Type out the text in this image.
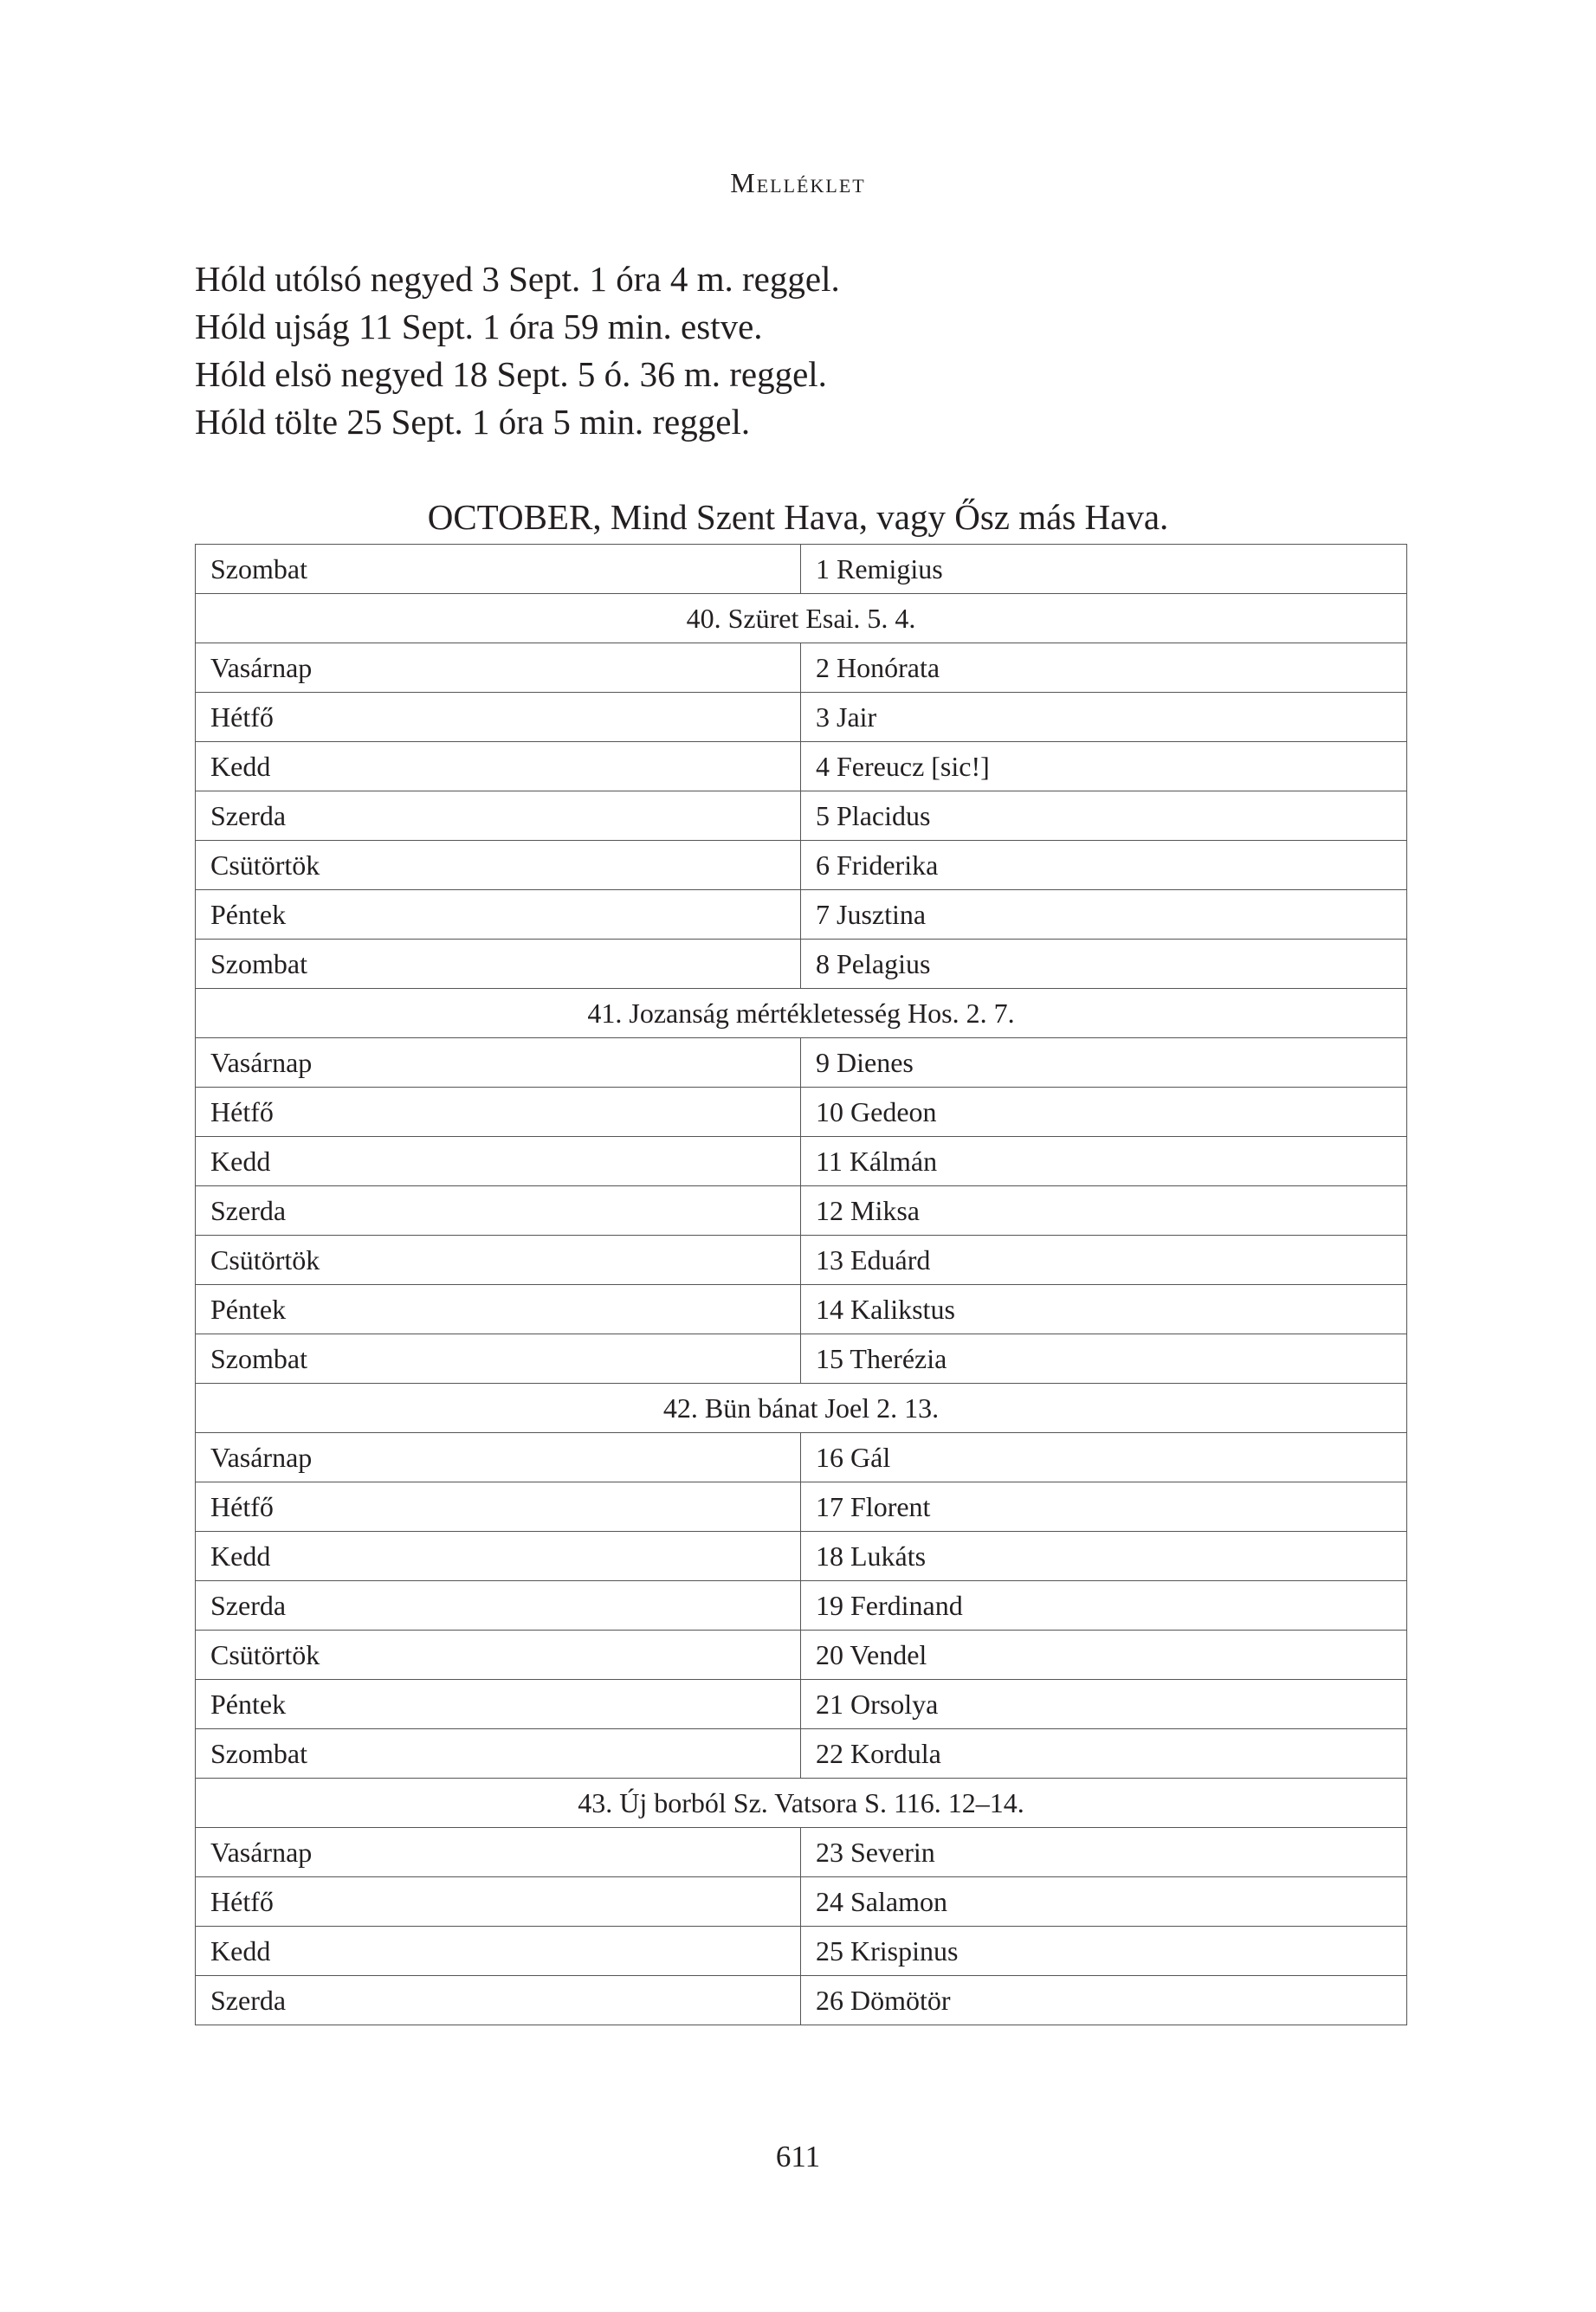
Melléklet
Hóld utólsó negyed 3 Sept. 1 óra 4 m. reggel.
Hóld ujság 11 Sept. 1 óra 59 min. estve.
Hóld elsö negyed 18 Sept. 5 ó. 36 m. reggel.
Hóld tölte 25 Sept. 1 óra 5 min. reggel.
OCTOBER, Mind Szent Hava, vagy Ősz más Hava.
Szombat	1 Remigius
40. Szüret Esai. 5. 4.	
Vasárnap	2 Honórata
Hétfő	3 Jair
Kedd	4 Fereucz [sic!]
Szerda	5 Placidus
Csütörtök	6 Friderika
Péntek	7 Jusztina
Szombat	8 Pelagius
41. Jozanság mértékletesség Hos. 2. 7.	
Vasárnap	9 Dienes
Hétfő	10 Gedeon
Kedd	11 Kálmán
Szerda	12 Miksa
Csütörtök	13 Eduárd
Péntek	14 Kalikstus
Szombat	15 Therézia
42. Bün bánat Joel 2. 13.	
Vasárnap	16 Gál
Hétfő	17 Florent
Kedd	18 Lukáts
Szerda	19 Ferdinand
Csütörtök	20 Vendel
Péntek	21 Orsolya
Szombat	22 Kordula
43. Új borból Sz. Vatsora S. 116. 12–14.	
Vasárnap	23 Severin
Hétfő	24 Salamon
Kedd	25 Krispinus
Szerda	26 Dömötör
611
